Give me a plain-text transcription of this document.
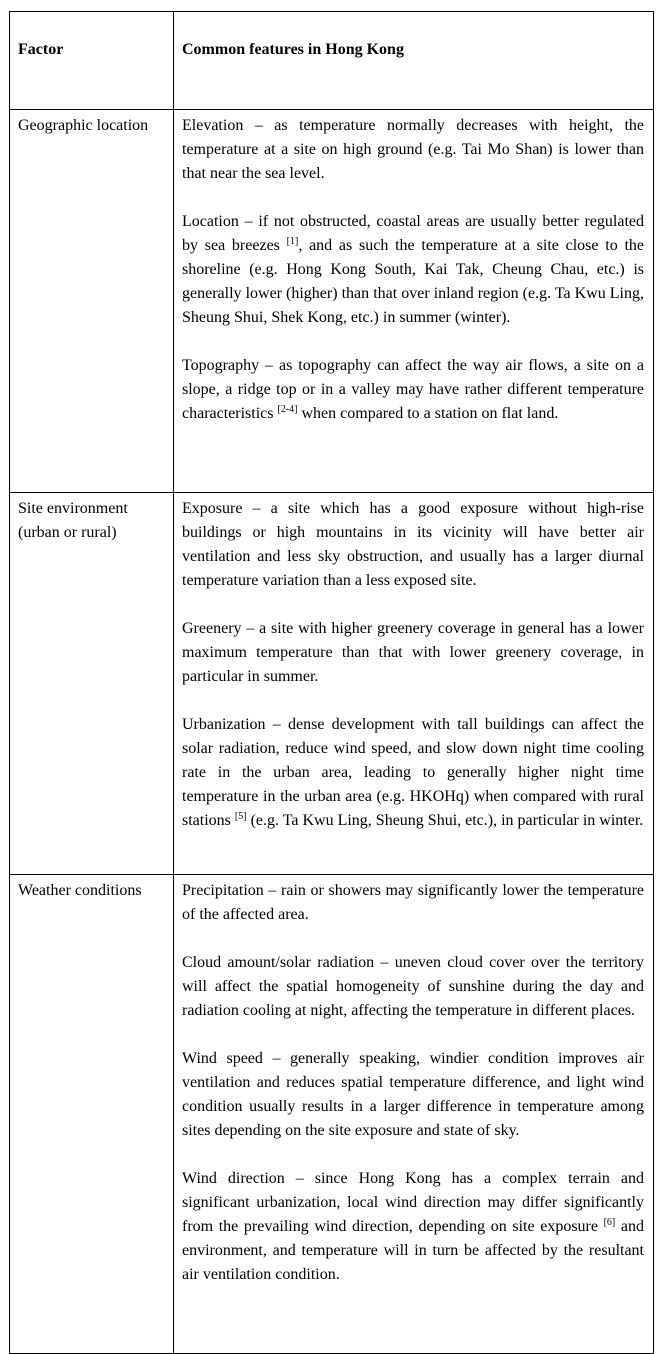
Factor	Common features in Hong Kong

Geographic location	Elevation – as temperature normally decreases with height, the temperature at a site on high ground (e.g. Tai Mo Shan) is lower than that near the sea level.

Location – if not obstructed, coastal areas are usually better regulated by sea breezes [1], and as such the temperature at a site close to the shoreline (e.g. Hong Kong South, Kai Tak, Cheung Chau, etc.) is generally lower (higher) than that over inland region (e.g. Ta Kwu Ling, Sheung Shui, Shek Kong, etc.) in summer (winter).

Topography – as topography can affect the way air flows, a site on a slope, a ridge top or in a valley may have rather different temperature characteristics [2-4] when compared to a station on flat land.

Site environment (urban or rural)	Exposure – a site which has a good exposure without high-rise buildings or high mountains in its vicinity will have better air ventilation and less sky obstruction, and usually has a larger diurnal temperature variation than a less exposed site.

Greenery – a site with higher greenery coverage in general has a lower maximum temperature than that with lower greenery coverage, in particular in summer.

Urbanization – dense development with tall buildings can affect the solar radiation, reduce wind speed, and slow down night time cooling rate in the urban area, leading to generally higher night time temperature in the urban area (e.g. HKOHq) when compared with rural stations [5] (e.g. Ta Kwu Ling, Sheung Shui, etc.), in particular in winter.

Weather conditions	Precipitation – rain or showers may significantly lower the temperature of the affected area.

Cloud amount/solar radiation – uneven cloud cover over the territory will affect the spatial homogeneity of sunshine during the day and radiation cooling at night, affecting the temperature in different places.

Wind speed – generally speaking, windier condition improves air ventilation and reduces spatial temperature difference, and light wind condition usually results in a larger difference in temperature among sites depending on the site exposure and state of sky.

Wind direction – since Hong Kong has a complex terrain and significant urbanization, local wind direction may differ significantly from the prevailing wind direction, depending on site exposure [6] and environment, and temperature will in turn be affected by the resultant air ventilation condition.
